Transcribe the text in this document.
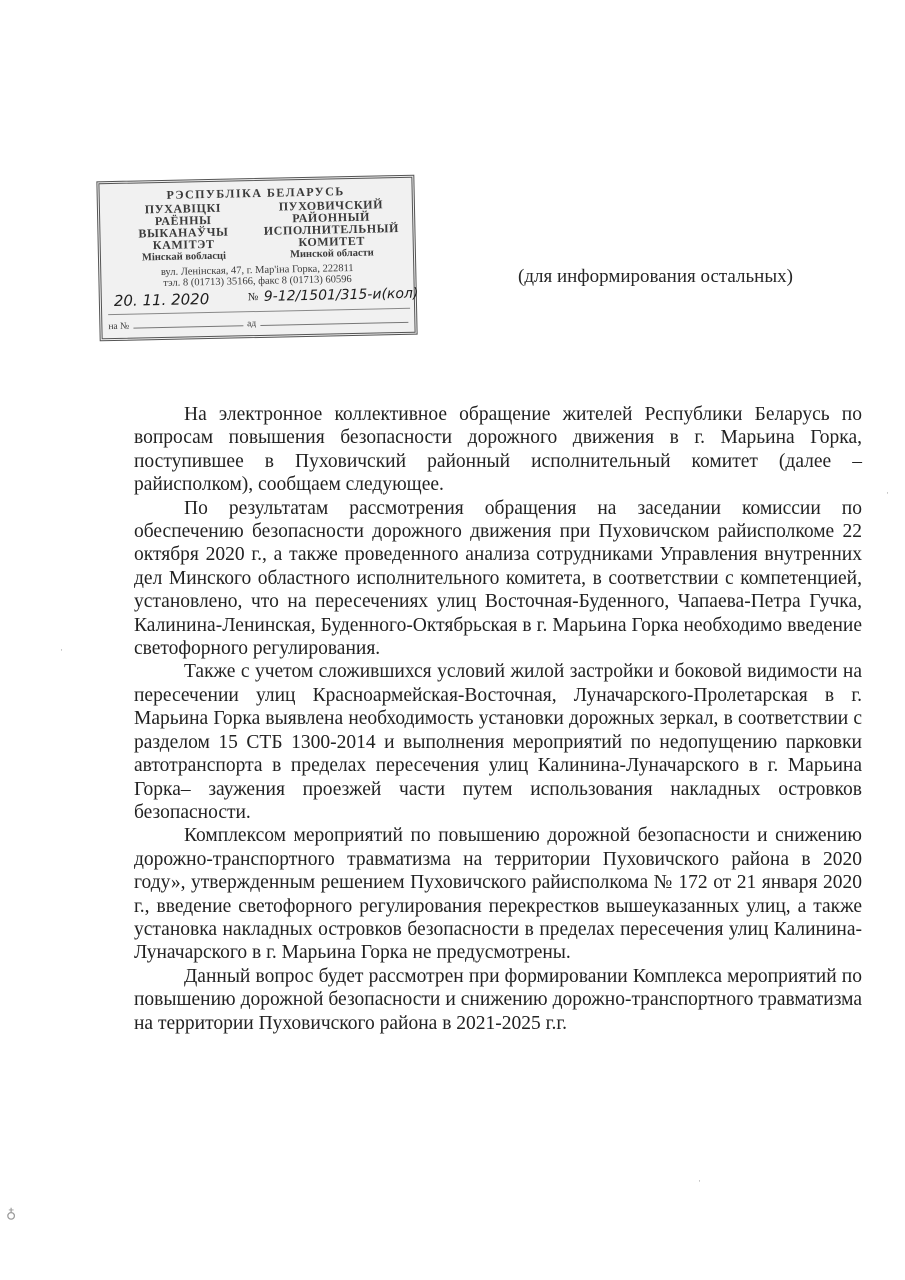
РЭСПУБЛІКА БЕЛАРУСЬ
ПУХАВІЦКІ
РАЁННЫ
ВЫКАНАЎЧЫ
КАМІТЭТ
Мінскай вобласці
ПУХОВИЧСКИЙ
РАЙОННЫЙ
ИСПОЛНИТЕЛЬНЫЙ
КОМИТЕТ
Минской области
вул. Ленінская, 47, г. Мар'іна Горка, 222811
тэл. 8 (01713) 35166, факс 8 (01713) 60596
20. 11. 2020	№ 9-12/1501/315-и(кол)
на №	ад
(для информирования остальных)

На электронное коллективное обращение жителей Республики Беларусь по вопросам повышения безопасности дорожного движения в г. Марьина Горка, поступившее в Пуховичский районный исполнительный комитет (далее – райисполком), сообщаем следующее.

По результатам рассмотрения обращения на заседании комиссии по обеспечению безопасности дорожного движения при Пуховичском райисполкоме 22 октября 2020 г., а также проведенного анализа сотрудниками Управления внутренних дел Минского областного исполнительного комитета, в соответствии с компетенцией, установлено, что на пересечениях улиц Восточная-Буденного, Чапаева-Петра Гучка, Калинина-Ленинская, Буденного-Октябрьская в г. Марьина Горка необходимо введение светофорного регулирования.

Также с учетом сложившихся условий жилой застройки и боковой видимости на пересечении улиц Красноармейская-Восточная, Луначарского-Пролетарская в г. Марьина Горка выявлена необходимость установки дорожных зеркал, в соответствии с разделом 15 СТБ 1300-2014 и выполнения мероприятий по недопущению парковки автотранспорта в пределах пересечения улиц Калинина-Луначарского в г. Марьина Горка– заужения проезжей части путем использования накладных островков безопасности.

Комплексом мероприятий по повышению дорожной безопасности и снижению дорожно-транспортного травматизма на территории Пуховичского района в 2020 году», утвержденным решением Пуховичского райисполкома № 172 от 21 января 2020 г., введение светофорного регулирования перекрестков вышеуказанных улиц, а также установка накладных островков безопасности в пределах пересечения улиц Калинина-Луначарского в г. Марьина Горка не предусмотрены.

Данный вопрос будет рассмотрен при формировании Комплекса мероприятий по повышению дорожной безопасности и снижению дорожно-транспортного травматизма на территории Пуховичского района в 2021-2025 г.г.

♁
·
·
·
